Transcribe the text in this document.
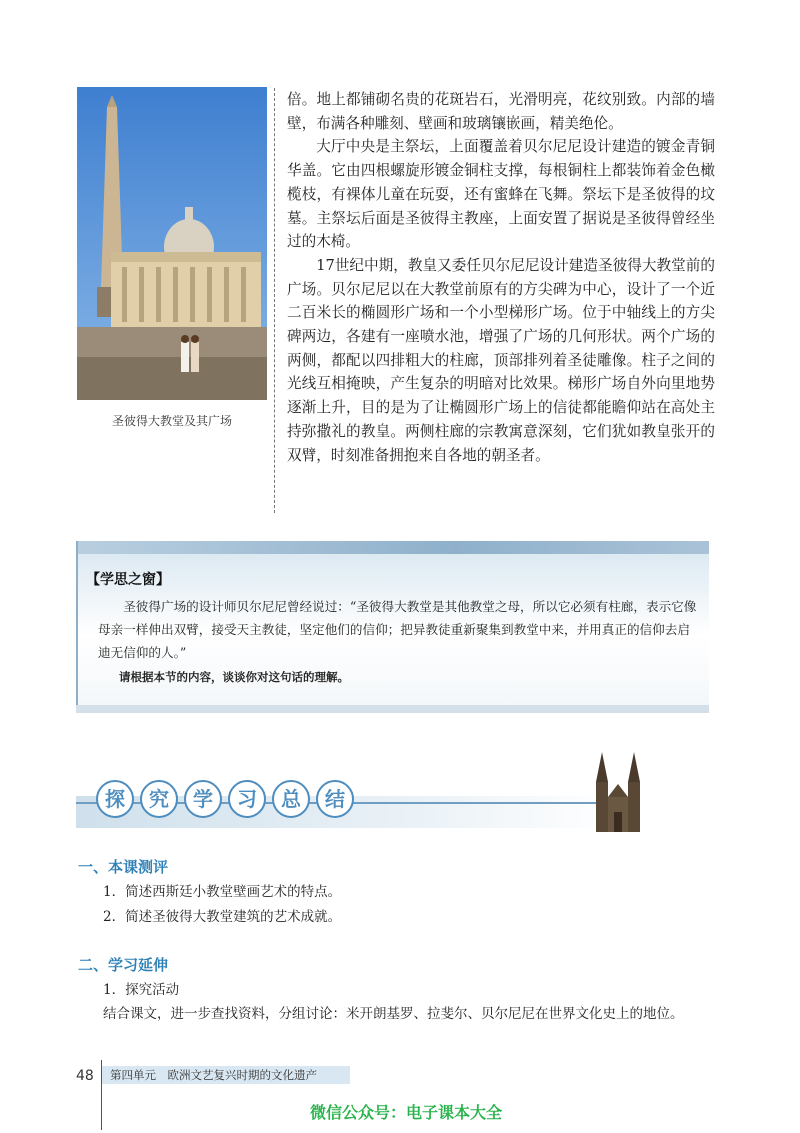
圣彼得大教堂及其广场

倍。地上都铺砌名贵的花斑岩石，光滑明亮，花纹别致。内部的墙壁，布满各种雕刻、壁画和玻璃镶嵌画，精美绝伦。

大厅中央是主祭坛，上面覆盖着贝尔尼尼设计建造的镀金青铜华盖。它由四根螺旋形镀金铜柱支撑，每根铜柱上都装饰着金色橄榄枝，有裸体儿童在玩耍，还有蜜蜂在飞舞。祭坛下是圣彼得的坟墓。主祭坛后面是圣彼得主教座，上面安置了据说是圣彼得曾经坐过的木椅。

17世纪中期，教皇又委任贝尔尼尼设计建造圣彼得大教堂前的广场。贝尔尼尼以在大教堂前原有的方尖碑为中心，设计了一个近二百米长的椭圆形广场和一个小型梯形广场。位于中轴线上的方尖碑两边，各建有一座喷水池，增强了广场的几何形状。两个广场的两侧，都配以四排粗大的柱廊，顶部排列着圣徒雕像。柱子之间的光线互相掩映，产生复杂的明暗对比效果。梯形广场自外向里地势逐渐上升，目的是为了让椭圆形广场上的信徒都能瞻仰站在高处主持弥撒礼的教皇。两侧柱廊的宗教寓意深刻，它们犹如教皇张开的双臂，时刻准备拥抱来自各地的朝圣者。

【学思之窗】
圣彼得广场的设计师贝尔尼尼曾经说过：“圣彼得大教堂是其他教堂之母，所以它必须有柱廊，表示它像母亲一样伸出双臂，接受天主教徒，坚定他们的信仰；把异教徒重新聚集到教堂中来，并用真正的信仰去启迪无信仰的人。”
请根据本节的内容，谈谈你对这句话的理解。
探	究	学	习	总	结
一、本课测评
1．简述西斯廷小教堂壁画艺术的特点。
2．简述圣彼得大教堂建筑的艺术成就。
二、学习延伸
1．探究活动
结合课文，进一步查找资料，分组讨论：米开朗基罗、拉斐尔、贝尔尼尼在世界文化史上的地位。
48	第四单元　欧洲文艺复兴时期的文化遗产
微信公众号：电子课本大全
